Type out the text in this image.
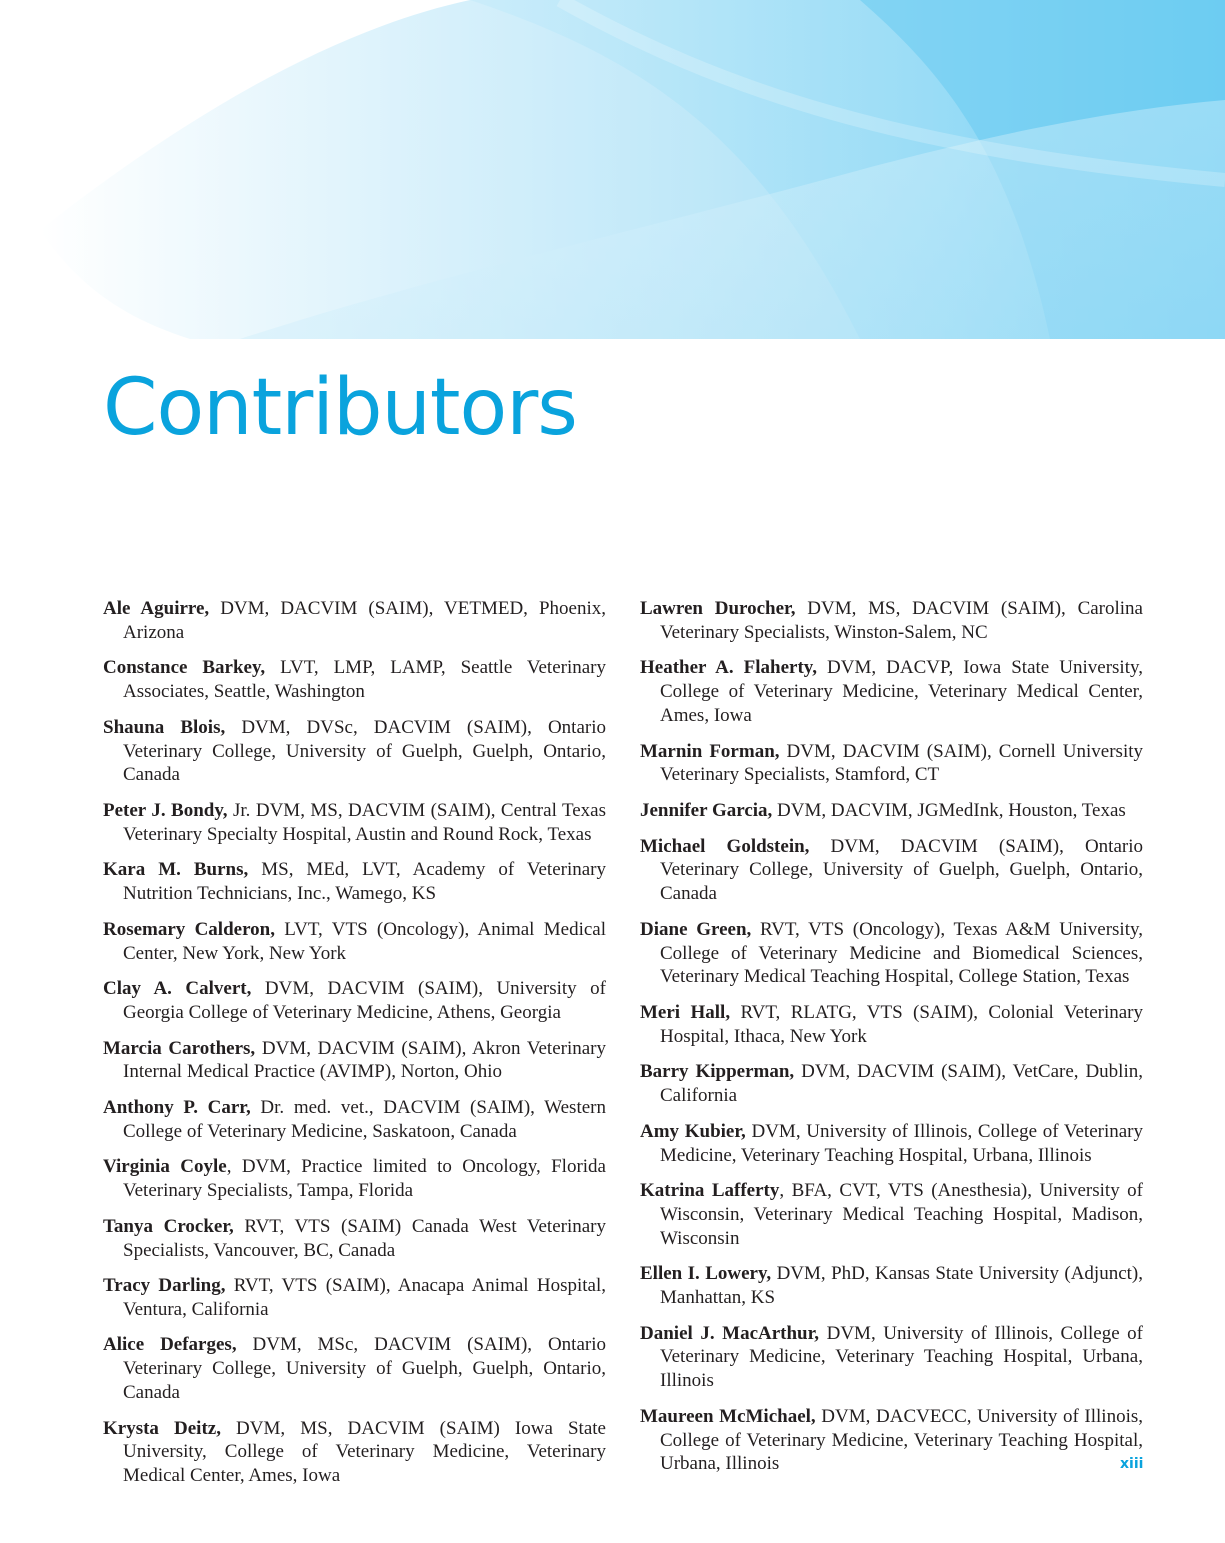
Contributors

Ale Aguirre, DVM, DACVIM (SAIM), VETMED, Phoenix, Arizona

Constance Barkey, LVT, LMP, LAMP, Seattle Veterinary Associates, Seattle, Washington

Shauna Blois, DVM, DVSc, DACVIM (SAIM), Ontario Veterinary College, University of Guelph, Guelph, Ontario, Canada

Peter J. Bondy, Jr. DVM, MS, DACVIM (SAIM), Central Texas Veterinary Specialty Hospital, Austin and Round Rock, Texas

Kara M. Burns, MS, MEd, LVT, Academy of Veterinary Nutrition Technicians, Inc., Wamego, KS

Rosemary Calderon, LVT, VTS (Oncology), Animal Medical Center, New York, New York

Clay A. Calvert, DVM, DACVIM (SAIM), University of Georgia College of Veterinary Medicine, Athens, Georgia

Marcia Carothers, DVM, DACVIM (SAIM), Akron Veterinary Internal Medical Practice (AVIMP), Norton, Ohio

Anthony P. Carr, Dr. med. vet., DACVIM (SAIM), Western College of Veterinary Medicine, Saskatoon, Canada

Virginia Coyle, DVM, Practice limited to Oncology, Florida Veterinary Specialists, Tampa, Florida

Tanya Crocker, RVT, VTS (SAIM) Canada West Veterinary Specialists, Vancouver, BC, Canada

Tracy Darling, RVT, VTS (SAIM), Anacapa Animal Hospital, Ventura, California

Alice Defarges, DVM, MSc, DACVIM (SAIM), Ontario Veterinary College, University of Guelph, Guelph, Ontario, Canada

Krysta Deitz, DVM, MS, DACVIM (SAIM) Iowa State University, College of Veterinary Medicine, Veterinary Medical Center, Ames, Iowa

Lawren Durocher, DVM, MS, DACVIM (SAIM), Carolina Veterinary Specialists, Winston-Salem, NC

Heather A. Flaherty, DVM, DACVP, Iowa State University, College of Veterinary Medicine, Veterinary Medical Center, Ames, Iowa

Marnin Forman, DVM, DACVIM (SAIM), Cornell University Veterinary Specialists, Stamford, CT

Jennifer Garcia, DVM, DACVIM, JGMedInk, Houston, Texas

Michael Goldstein, DVM, DACVIM (SAIM), Ontario Veterinary College, University of Guelph, Guelph, Ontario, Canada

Diane Green, RVT, VTS (Oncology), Texas A&M University, College of Veterinary Medicine and Biomedical Sciences, Veterinary Medical Teaching Hospital, College Station, Texas

Meri Hall, RVT, RLATG, VTS (SAIM), Colonial Veterinary Hospital, Ithaca, New York

Barry Kipperman, DVM, DACVIM (SAIM), VetCare, Dublin, California

Amy Kubier, DVM, University of Illinois, College of Veterinary Medicine, Veterinary Teaching Hospital, Urbana, Illinois

Katrina Lafferty, BFA, CVT, VTS (Anesthesia), University of Wisconsin, Veterinary Medical Teaching Hospital, Madison, Wisconsin

Ellen I. Lowery, DVM, PhD, Kansas State University (Adjunct), Manhattan, KS

Daniel J. MacArthur, DVM, University of Illinois, College of Veterinary Medicine, Veterinary Teaching Hospital, Urbana, Illinois

Maureen McMichael, DVM, DACVECC, University of Illinois, College of Veterinary Medicine, Veterinary Teaching Hospital, Urbana, Illinois	xiii
